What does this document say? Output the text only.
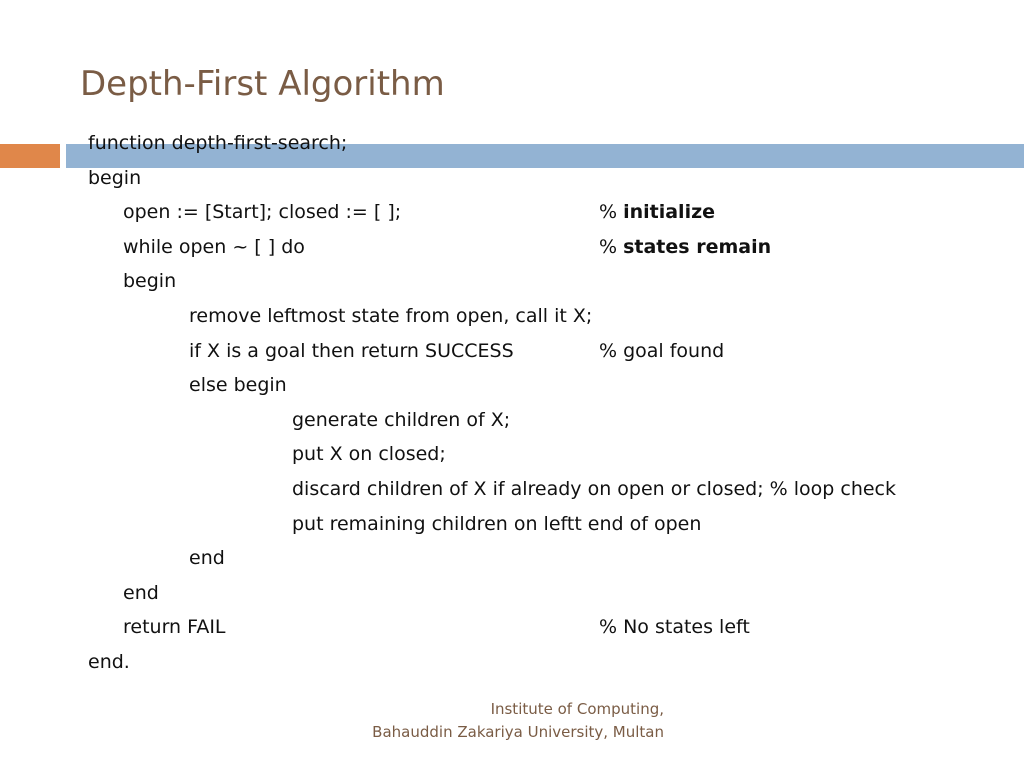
Depth-First Algorithm
function depth-first-search;
begin
open := [Start]; closed := [ ];	% initialize
while open ~ [ ] do	% states remain
begin
remove leftmost state from open, call it X;
if X is a goal then return SUCCESS	% goal found
else begin
generate children of X;
put X on closed;
discard children of X if already on open or closed; % loop check
put remaining children on leftt end of open
end
end
return FAIL	% No states left
end.
Institute of Computing,
Bahauddin Zakariya University, Multan
